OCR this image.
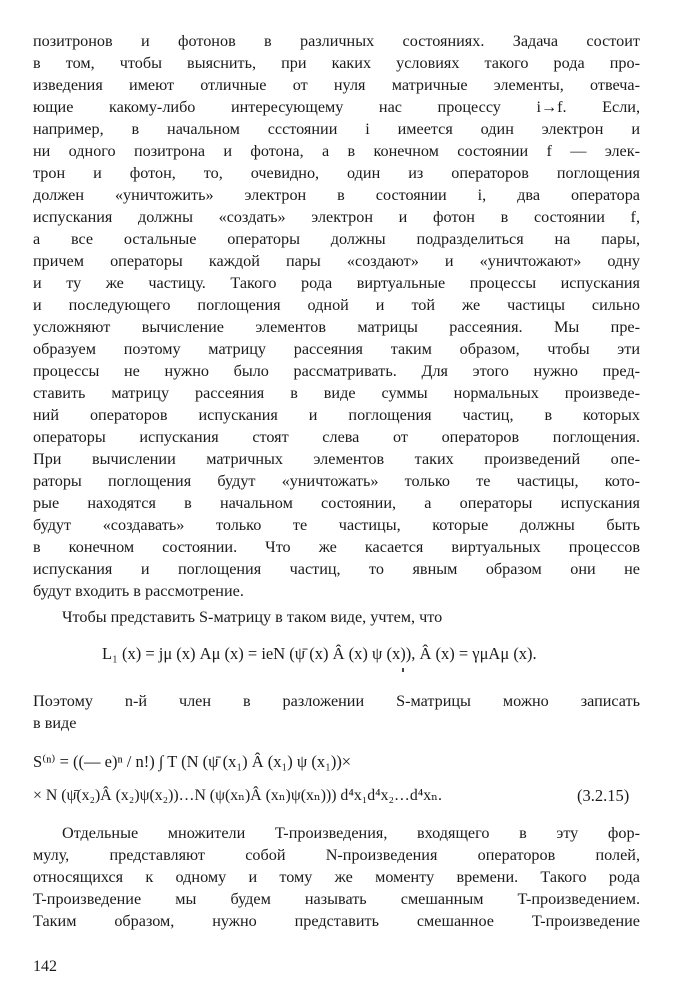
позитронов и фотонов в различных состояниях. Задача состоит
в том, чтобы выяснить, при каких условиях такого рода про-
изведения имеют отличные от нуля матричные элементы, отвеча-
ющие какому-либо интересующему нас процессу i→f. Если,
например, в начальном ссстоянии i имеется один электрон и
ни одного позитрона и фотона, а в конечном состоянии f — элек-
трон и фотон, то, очевидно, один из операторов поглощения
должен «уничтожить» электрон в состоянии i, два оператора
испускания должны «создать» электрон и фотон в состоянии f,
а все остальные операторы должны подразделиться на пары,
причем операторы каждой пары «создают» и «уничтожают» одну
и ту же частицу. Такого рода виртуальные процессы испускания
и последующего поглощения одной и той же частицы сильно
усложняют вычисление элементов матрицы рассеяния. Мы пре-
образуем поэтому матрицу рассеяния таким образом, чтобы эти
процессы не нужно было рассматривать. Для этого нужно пред-
ставить матрицу рассеяния в виде суммы нормальных произведе-
ний операторов испускания и поглощения частиц, в которых
операторы испускания стоят слева от операторов поглощения.
При вычислении матричных элементов таких произведений опе-
раторы поглощения будут «уничтожать» только те частицы, кото-
рые находятся в начальном состоянии, а операторы испускания
будут «создавать» только те частицы, которые должны быть
в конечном состоянии. Что же касается виртуальных процессов
испускания и поглощения частиц, то явным образом они не
будут входить в рассмотрение.
Чтобы представить S-матрицу в таком виде, учтем, что
L₁ (x) = jμ (x) Aμ (x) = ieN (ψ̄ (x) Â (x) ψ (x)), Â (x) = γμAμ (x).
Поэтому n-й член в разложении S-матрицы можно записать
в виде
S⁽ⁿ⁾ = ((— e)ⁿ / n!) ∫ T (N (ψ̄ (x₁) Â (x₁) ψ (x₁))×
× N (ψ̄(x₂)Â (x₂)ψ(x₂))…N (ψ(xₙ)Â (xₙ)ψ(xₙ))) d⁴x₁d⁴x₂…d⁴xₙ.	(3.2.15)
Отдельные множители T-произведения, входящего в эту фор-
мулу, представляют собой N-произведения операторов полей,
относящихся к одному и тому же моменту времени. Такого рода
T-произведение мы будем называть смешанным T-произведением.
Таким образом, нужно представить смешанное T-произведение
142
